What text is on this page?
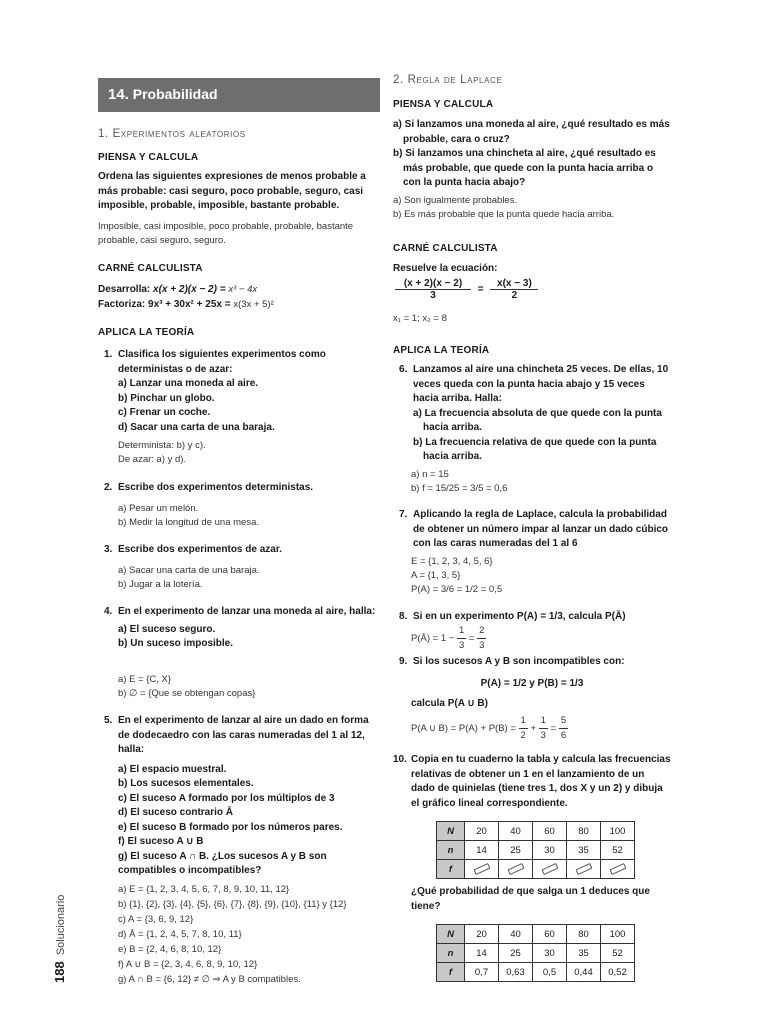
14. Probabilidad
188  Solucionario
1. Experimentos aleatorios
PIENSA Y CALCULA
Ordena las siguientes expresiones de menos probable a más probable: casi seguro, poco probable, seguro, casi imposible, probable, imposible, bastante probable.
Imposible, casi imposible, poco probable, probable, bastante probable, casi seguro, seguro.
CARNÉ CALCULISTA
Desarrolla: x(x + 2)(x − 2) = x³ − 4x
Factoriza: 9x³ + 30x² + 25x = x(3x + 5)²
APLICA LA TEORÍA
1. Clasifica los siguientes experimentos como deterministas o de azar:
a) Lanzar una moneda al aire.
b) Pinchar un globo.
c) Frenar un coche.
d) Sacar una carta de una baraja.
Determinista: b) y c).
De azar: a) y d).
2. Escribe dos experimentos deterministas.
a) Pesar un melón.
b) Medir la longitud de una mesa.
3. Escribe dos experimentos de azar.
a) Sacar una carta de una baraja.
b) Jugar a la lotería.
4. En el experimento de lanzar una moneda al aire, halla:
a) El suceso seguro.
b) Un suceso imposible.
a) E = {C, X}
b) ∅ = {Que se obtengan copas}
5. En el experimento de lanzar al aire un dado en forma de dodecaedro con las caras numeradas del 1 al 12, halla:
a) El espacio muestral.
b) Los sucesos elementales.
c) El suceso A formado por los múltiplos de 3
d) El suceso contrario Ā
e) El suceso B formado por los números pares.
f) El suceso A ∪ B
g) El suceso A ∩ B. ¿Los sucesos A y B son compatibles o incompatibles?
a) E = {1, 2, 3, 4, 5, 6, 7, 8, 9, 10, 11, 12}
b) {1}, {2}, {3}, {4}, {5}, {6}, {7}, {8}, {9}, {10}, {11} y {12}
c) A = {3, 6, 9, 12}
d) Ā = {1, 2, 4, 5, 7, 8, 10, 11}
e) B = {2, 4, 6, 8, 10, 12}
f) A ∪ B = {2, 3, 4, 6, 8, 9, 10, 12}
g) A ∩ B = {6, 12} ≠ ∅ ⇒ A y B compatibles.
2. Regla de Laplace
PIENSA Y CALCULA
a) Si lanzamos una moneda al aire, ¿qué resultado es más probable, cara o cruz?
b) Si lanzamos una chincheta al aire, ¿qué resultado es más probable, que quede con la punta hacia arriba o con la punta hacia abajo?
a) Son igualmente probables.
b) Es más probable que la punta quede hacia arriba.
CARNÉ CALCULISTA
Resuelve la ecuación:
$\frac{(x + 2)(x - 2)}{3} = \frac{x(x - 3)}{2}$
x₁ = 1; x₂ = 8
APLICA LA TEORÍA
6. Lanzamos al aire una chincheta 25 veces. De ellas, 10 veces queda con la punta hacia abajo y 15 veces hacia arriba. Halla:
a) La frecuencia absoluta de que quede con la punta hacia arriba.
b) La frecuencia relativa de que quede con la punta hacia arriba.
a) n = 15
b) f = 15/25 = 3/5 = 0,6
7. Aplicando la regla de Laplace, calcula la probabilidad de obtener un número impar al lanzar un dado cúbico con las caras numeradas del 1 al 6
E = {1, 2, 3, 4, 5, 6}
A = {1, 3, 5}
P(A) = 3/6 = 1/2 = 0,5
8. Si en un experimento P(A) = 1/3, calcula P(Ā)
P(Ā) = $1 - \frac{1}{3} = \frac{2}{3}$
9. Si los sucesos A y B son incompatibles con:
P(A) = 1/2 y P(B) = 1/3
calcula P(A ∪ B)
P(A ∪ $B) = P(A) + P(B) = \frac{1}{2} + \frac{1}{3} = \frac{5}{6}$
10. Copia en tu cuaderno la tabla y calcula las frecuencias relativas de obtener un 1 en el lanzamiento de un dado de quinielas (tiene tres 1, dos X y un 2) y dibuja el gráfico lineal correspondiente.
N	20	40	60	80	100
n	14	25	30	35	52
f					
¿Qué probabilidad de que salga un 1 deduces que tiene?
N	20	40	60	80	100
n	14	25	30	35	52
f	0,7	0,63	0,5	0,44	0,52
